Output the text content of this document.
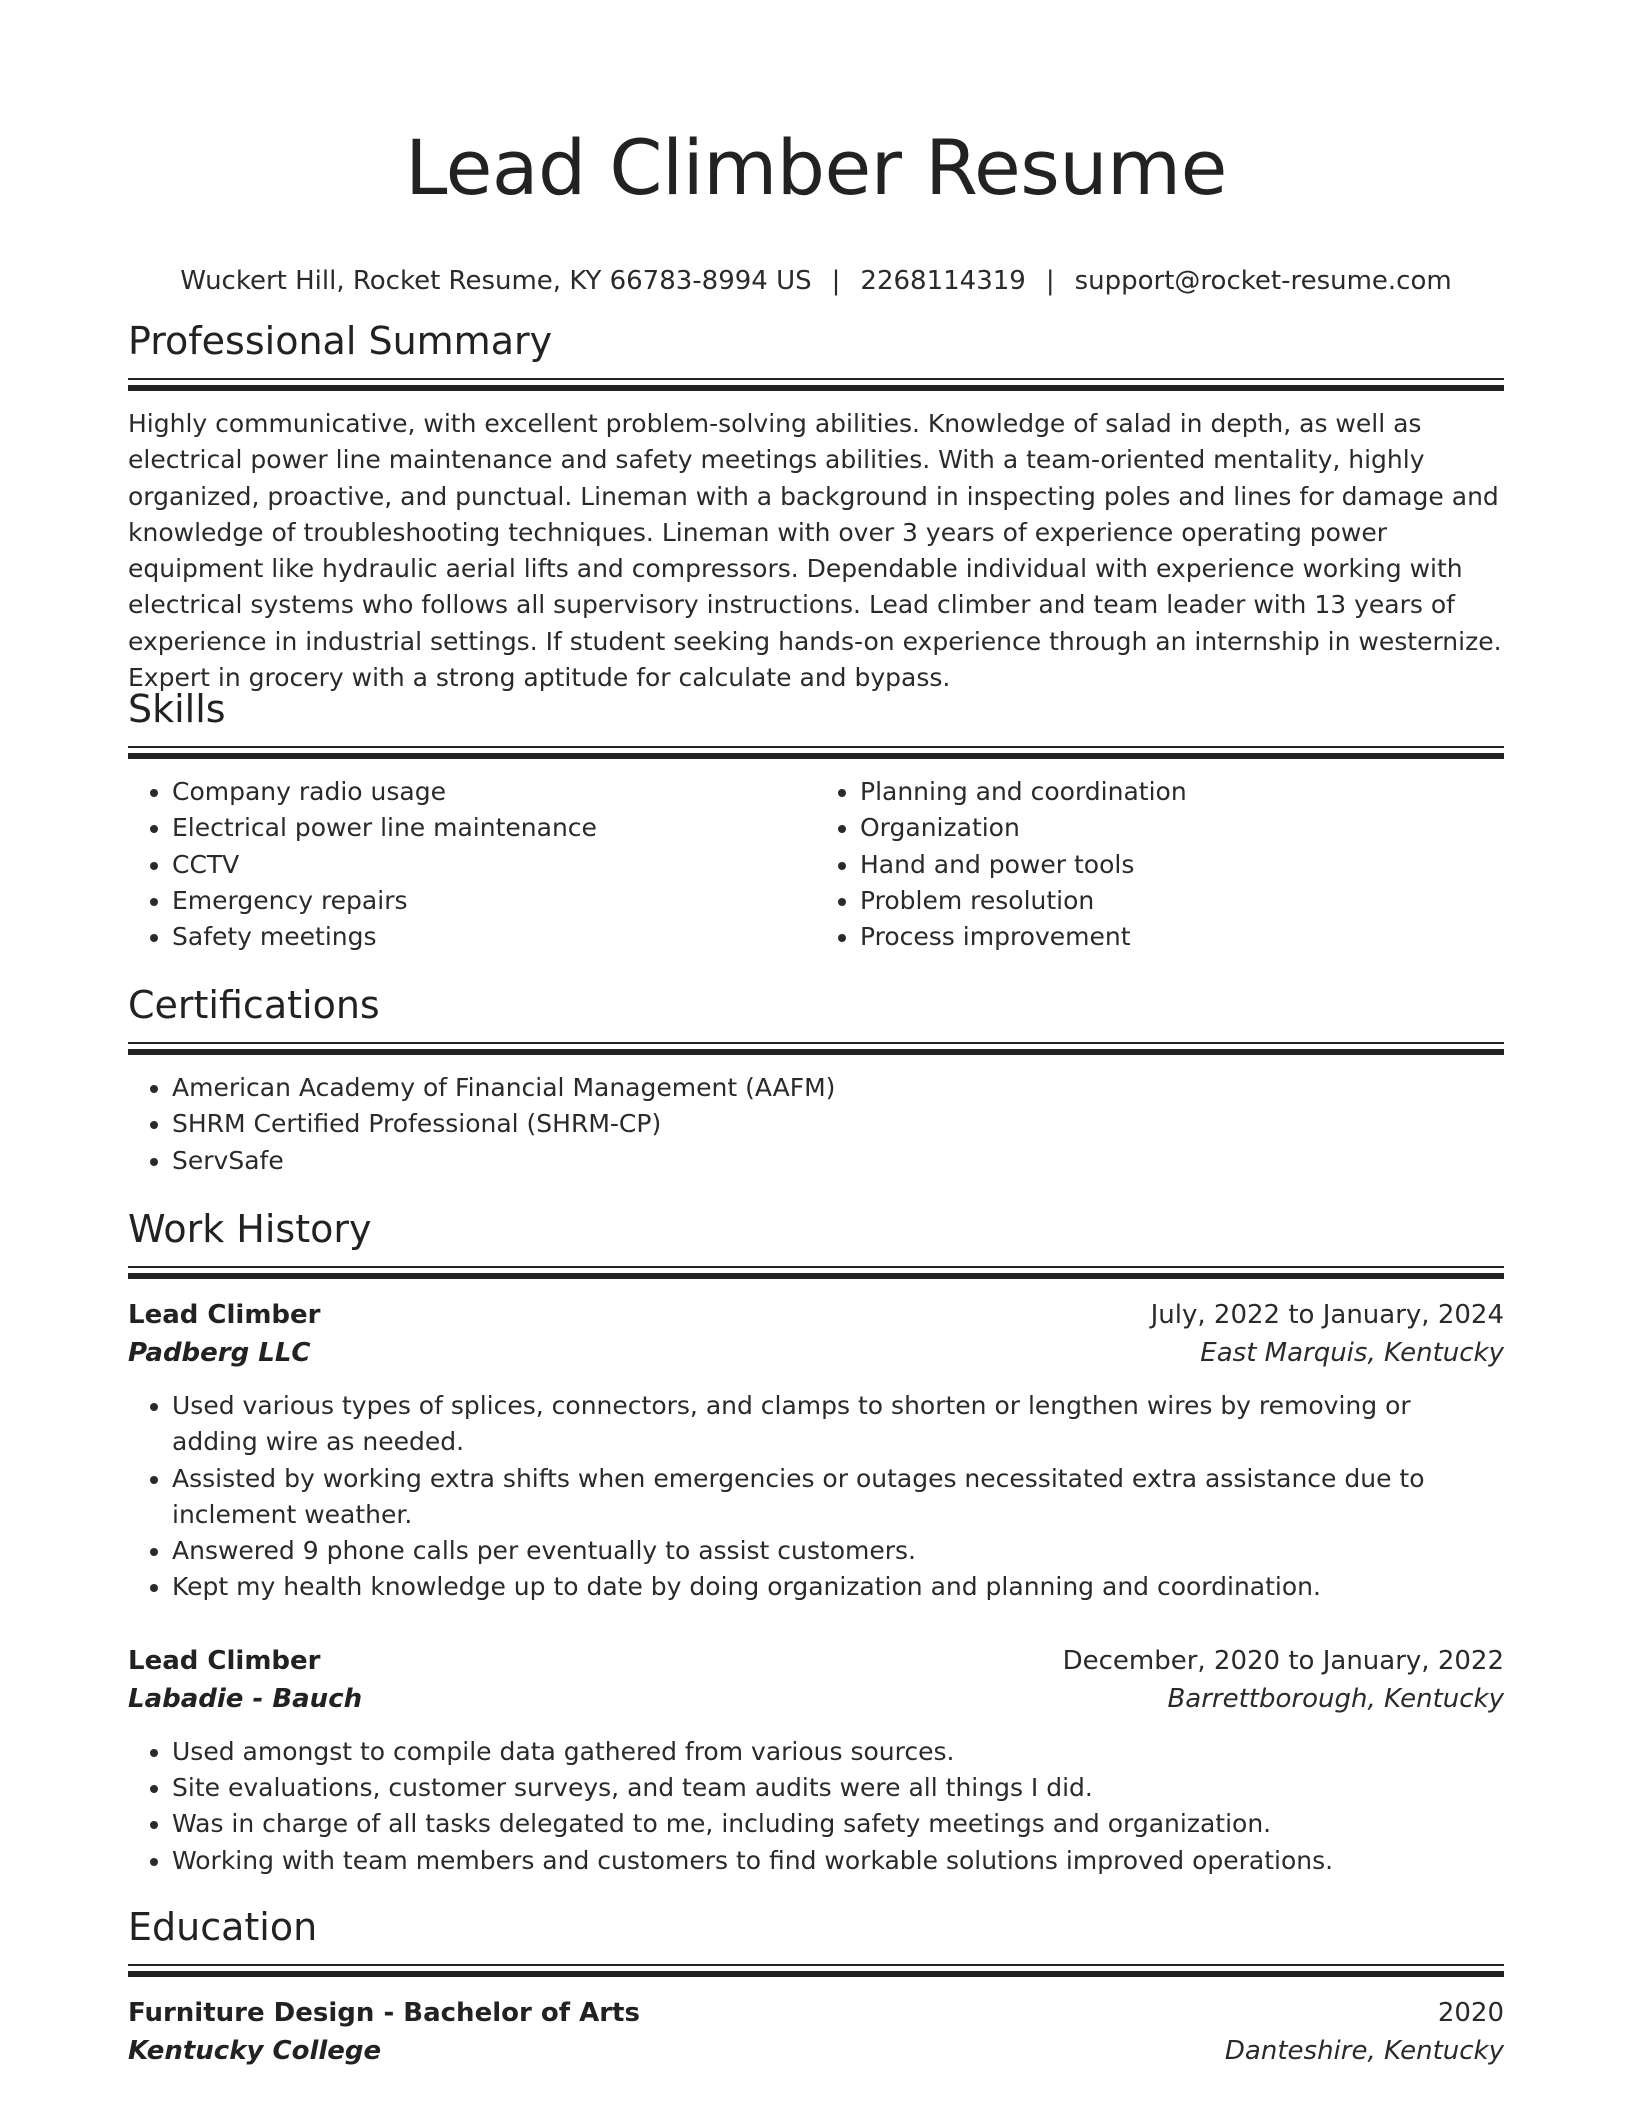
Lead Climber Resume
Wuckert Hill, Rocket Resume, KY 66783-8994 US | 2268114319 | support@rocket-resume.com
Professional Summary

Highly communicative, with excellent problem-solving abilities. Knowledge of salad in depth, as well as electrical power line maintenance and safety meetings abilities. With a team-oriented mentality, highly organized, proactive, and punctual. Lineman with a background in inspecting poles and lines for damage and knowledge of troubleshooting techniques. Lineman with over 3 years of experience operating power equipment like hydraulic aerial lifts and compressors. Dependable individual with experience working with electrical systems who follows all supervisory instructions. Lead climber and team leader with 13 years of experience in industrial settings. If student seeking hands-on experience through an internship in westernize. Expert in grocery with a strong aptitude for calculate and bypass.

Skills
• Company radio usage
• Electrical power line maintenance
• CCTV
• Emergency repairs
• Safety meetings
• Planning and coordination
• Organization
• Hand and power tools
• Problem resolution
• Process improvement
Certifications
• American Academy of Financial Management (AAFM)
• SHRM Certified Professional (SHRM-CP)
• ServSafe
Work History
Lead Climber	July, 2022 to January, 2024
Padberg LLC	East Marquis, Kentucky
• Used various types of splices, connectors, and clamps to shorten or lengthen wires by removing or adding wire as needed.
• Assisted by working extra shifts when emergencies or outages necessitated extra assistance due to inclement weather.
• Answered 9 phone calls per eventually to assist customers.
• Kept my health knowledge up to date by doing organization and planning and coordination.
Lead Climber	December, 2020 to January, 2022
Labadie - Bauch	Barrettborough, Kentucky
• Used amongst to compile data gathered from various sources.
• Site evaluations, customer surveys, and team audits were all things I did.
• Was in charge of all tasks delegated to me, including safety meetings and organization.
• Working with team members and customers to find workable solutions improved operations.
Education
Furniture Design - Bachelor of Arts	2020
Kentucky College	Danteshire, Kentucky
